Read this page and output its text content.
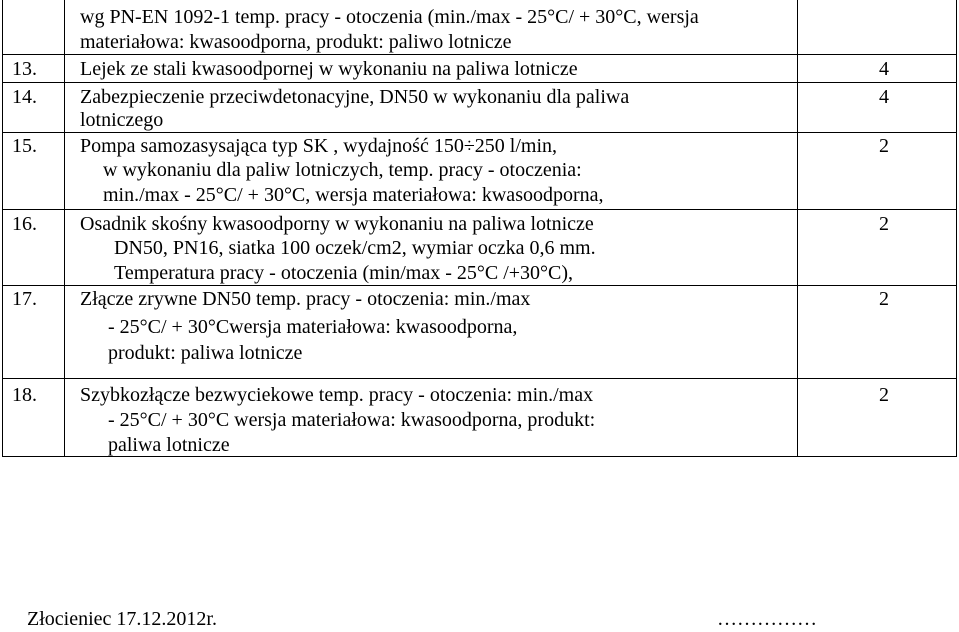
wg PN-EN 1092-1 temp. pracy - otoczenia (min./max - 25°C/ + 30°C, wersja
materiałowa: kwasoodporna, produkt: paliwo lotnicze
13. Lejek ze stali kwasoodpornej w wykonaniu na paliwa lotnicze	4
14. Zabezpieczenie przeciwdetonacyjne, DN50 w wykonaniu dla paliwa
lotniczego
4
15. Pompa samozasysająca typ SK , wydajność 150÷250 l/min,
w wykonaniu dla paliw lotniczych, temp. pracy - otoczenia:
min./max - 25°C/ + 30°C, wersja materiałowa: kwasoodporna,
2
16. Osadnik skośny kwasoodporny w wykonaniu na paliwa lotnicze
DN50, PN16, siatka 100 oczek/cm2, wymiar oczka 0,6 mm.
Temperatura pracy - otoczenia (min/max - 25°C /+30°C),
2
17. Złącze zrywne DN50 temp. pracy - otoczenia: min./max
- 25°C/ + 30°Cwersja materiałowa: kwasoodporna,
produkt: paliwa lotnicze
2
18. Szybkozłącze bezwyciekowe temp. pracy - otoczenia: min./max
- 25°C/ + 30°C wersja materiałowa: kwasoodporna, produkt:
paliwa lotnicze
2
Złocieniec 17.12.2012r.	……………
